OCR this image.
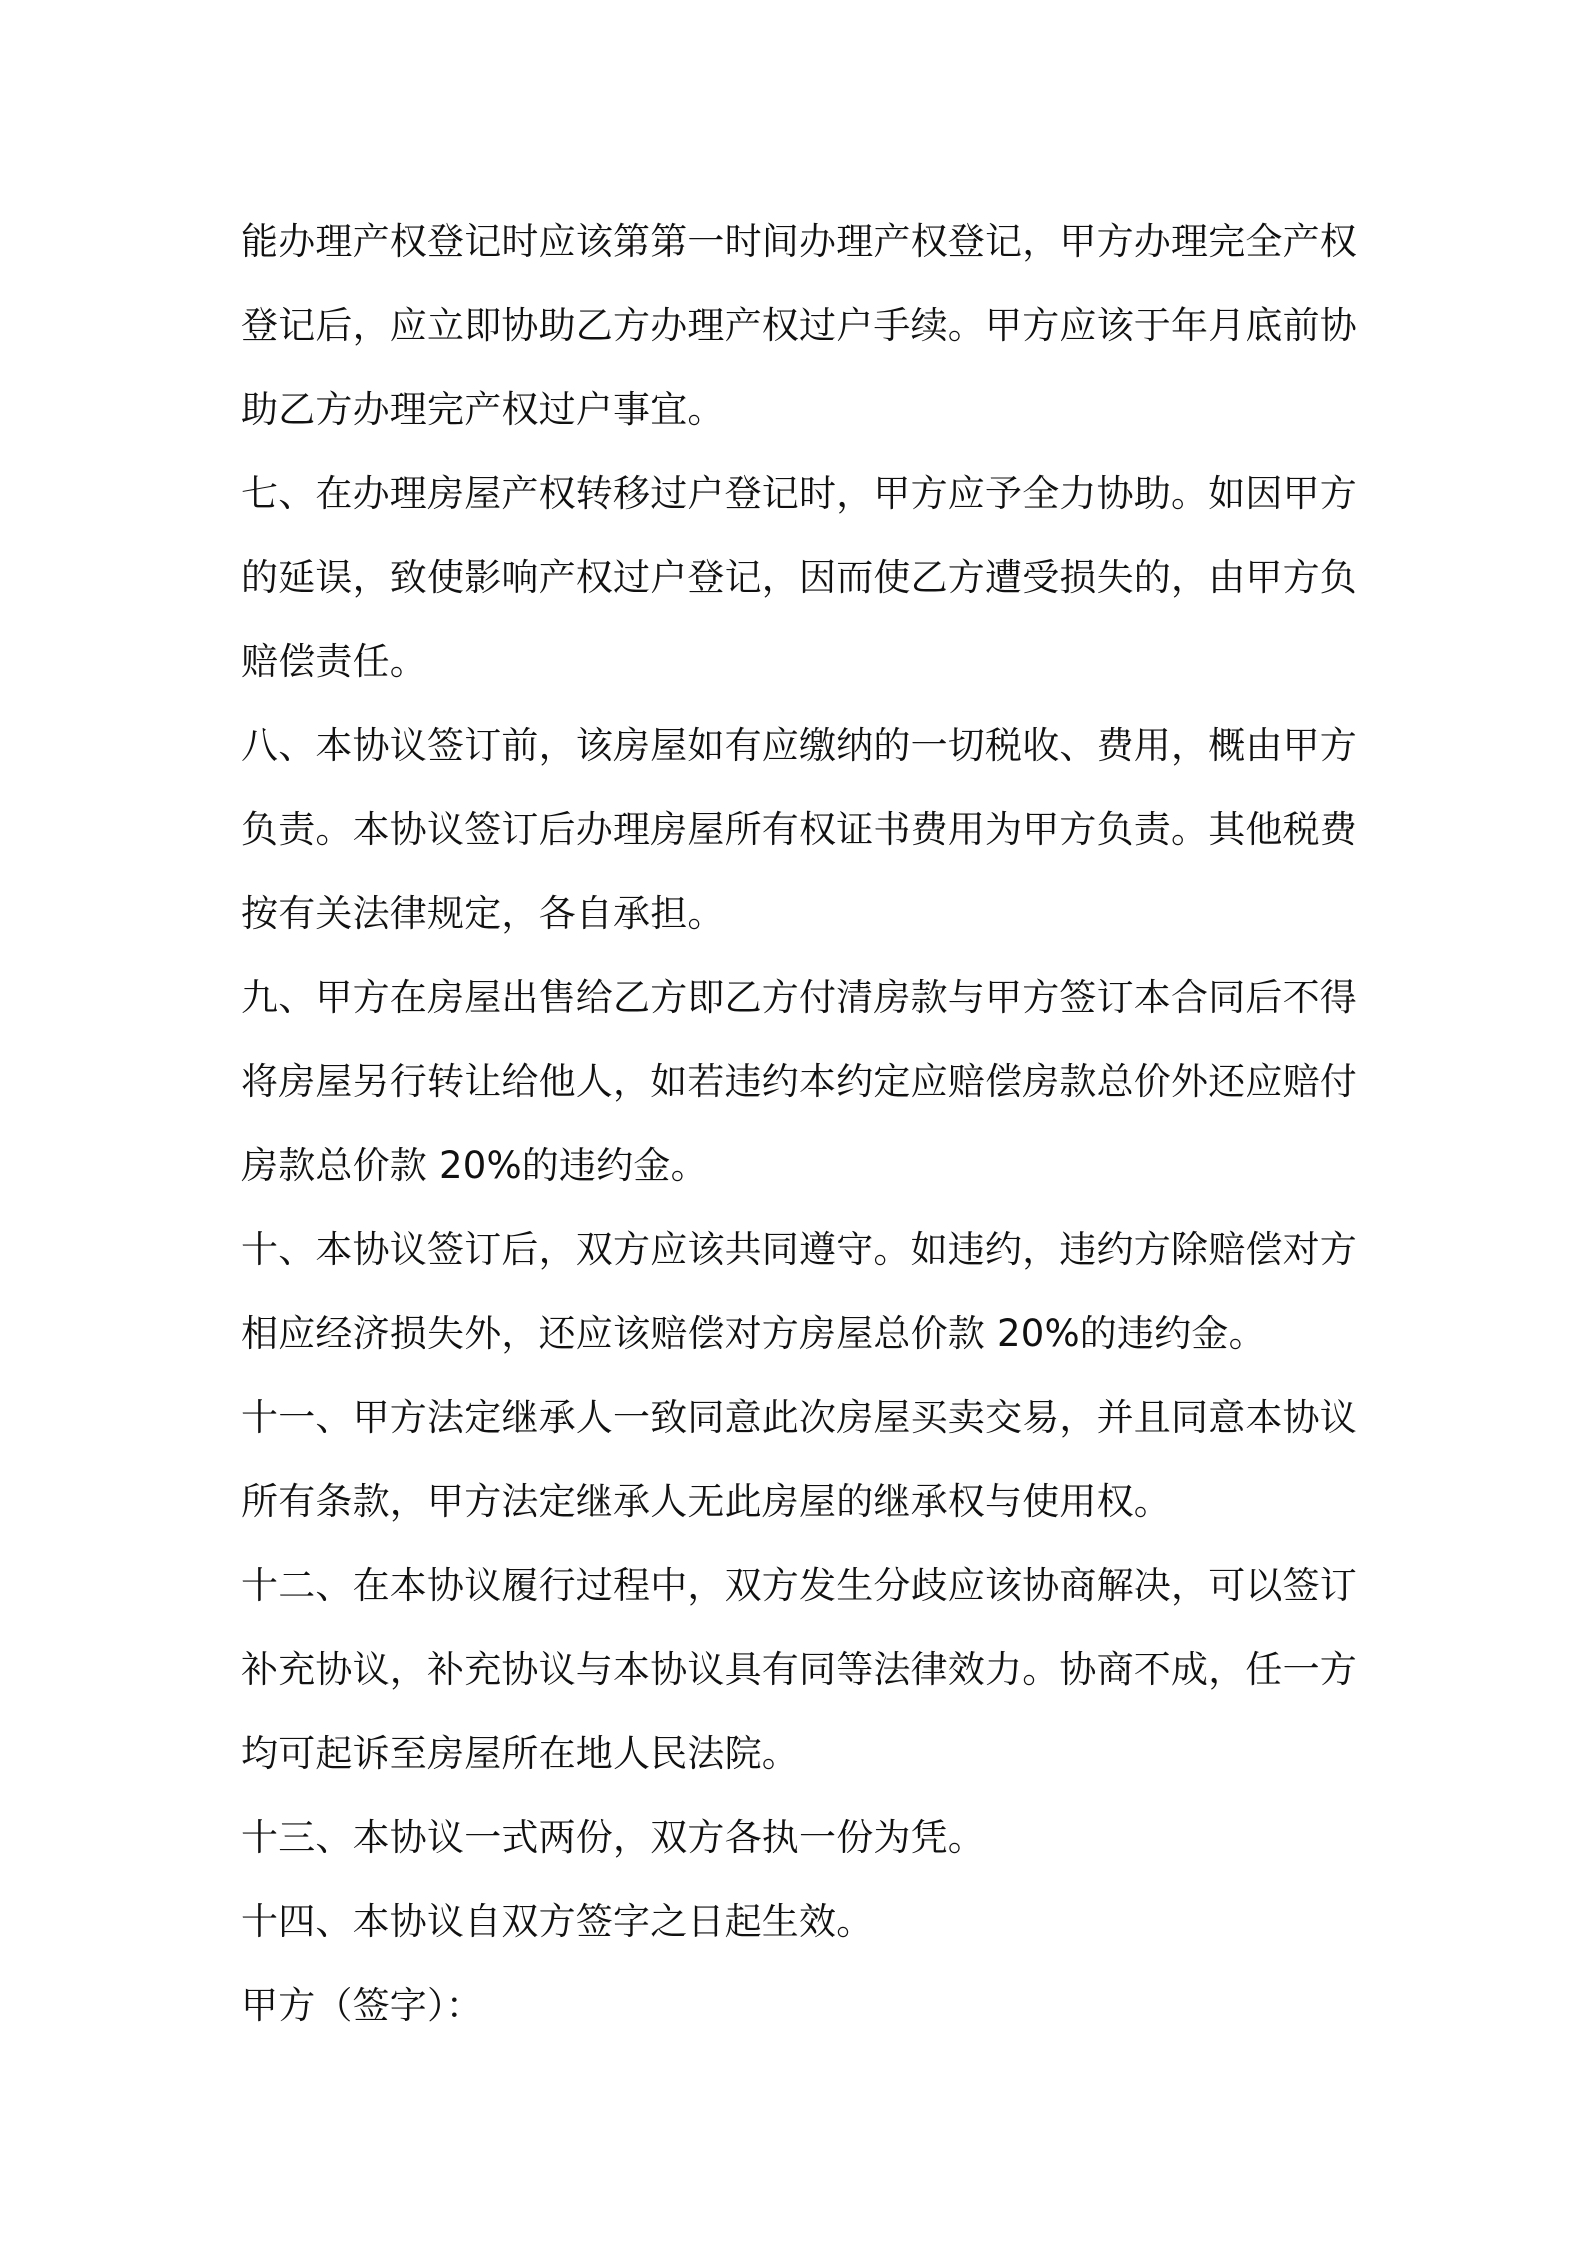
能办理产权登记时应该第第一时间办理产权登记，甲方办理完全产权
登记后，应立即协助乙方办理产权过户手续。甲方应该于年月底前协
助乙方办理完产权过户事宜。
七、在办理房屋产权转移过户登记时，甲方应予全力协助。如因甲方
的延误，致使影响产权过户登记，因而使乙方遭受损失的，由甲方负
赔偿责任。
八、本协议签订前，该房屋如有应缴纳的一切税收、费用，概由甲方
负责。本协议签订后办理房屋所有权证书费用为甲方负责。其他税费
按有关法律规定，各自承担。
九、甲方在房屋出售给乙方即乙方付清房款与甲方签订本合同后不得
将房屋另行转让给他人，如若违约本约定应赔偿房款总价外还应赔付
房款总价款 20%的违约金。
十、本协议签订后，双方应该共同遵守。如违约，违约方除赔偿对方
相应经济损失外，还应该赔偿对方房屋总价款 20%的违约金。
十一、甲方法定继承人一致同意此次房屋买卖交易，并且同意本协议
所有条款，甲方法定继承人无此房屋的继承权与使用权。
十二、在本协议履行过程中，双方发生分歧应该协商解决，可以签订
补充协议，补充协议与本协议具有同等法律效力。协商不成，任一方
均可起诉至房屋所在地人民法院。
十三、本协议一式两份，双方各执一份为凭。
十四、本协议自双方签字之日起生效。
甲方（签字）：
